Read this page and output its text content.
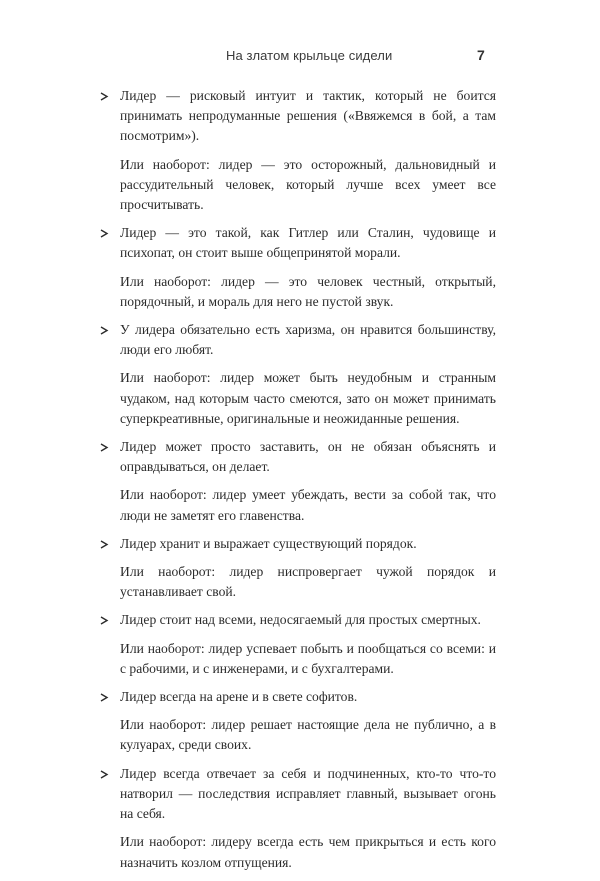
На златом крыльце сидели	7

Лидер — рисковый интуит и тактик, который не боится принимать непродуманные решения («Ввяжемся в бой, а там посмотрим»).

Или наоборот: лидер — это осторожный, дальновидный и рассудительный человек, который лучше всех умеет все просчитывать.

Лидер — это такой, как Гитлер или Сталин, чудовище и психопат, он стоит выше общепринятой морали.

Или наоборот: лидер — это человек честный, открытый, порядочный, и мораль для него не пустой звук.

У лидера обязательно есть харизма, он нравится большинству, люди его любят.

Или наоборот: лидер может быть неудобным и странным чудаком, над которым часто смеются, зато он может принимать суперкреативные, оригинальные и неожиданные решения.

Лидер может просто заставить, он не обязан объяснять и оправдываться, он делает.

Или наоборот: лидер умеет убеждать, вести за собой так, что люди не заметят его главенства.

Лидер хранит и выражает существующий порядок.

Или наоборот: лидер ниспровергает чужой порядок и устанавливает свой.

Лидер стоит над всеми, недосягаемый для простых смертных.

Или наоборот: лидер успевает побыть и пообщаться со всеми: и с рабочими, и с инженерами, и с бухгалтерами.

Лидер всегда на арене и в свете софитов.

Или наоборот: лидер решает настоящие дела не публично, а в кулуарах, среди своих.

Лидер всегда отвечает за себя и подчиненных, кто-то что-то натворил — последствия исправляет главный, вызывает огонь на себя.

Или наоборот: лидеру всегда есть чем прикрыться и есть кого назначить козлом отпущения.
